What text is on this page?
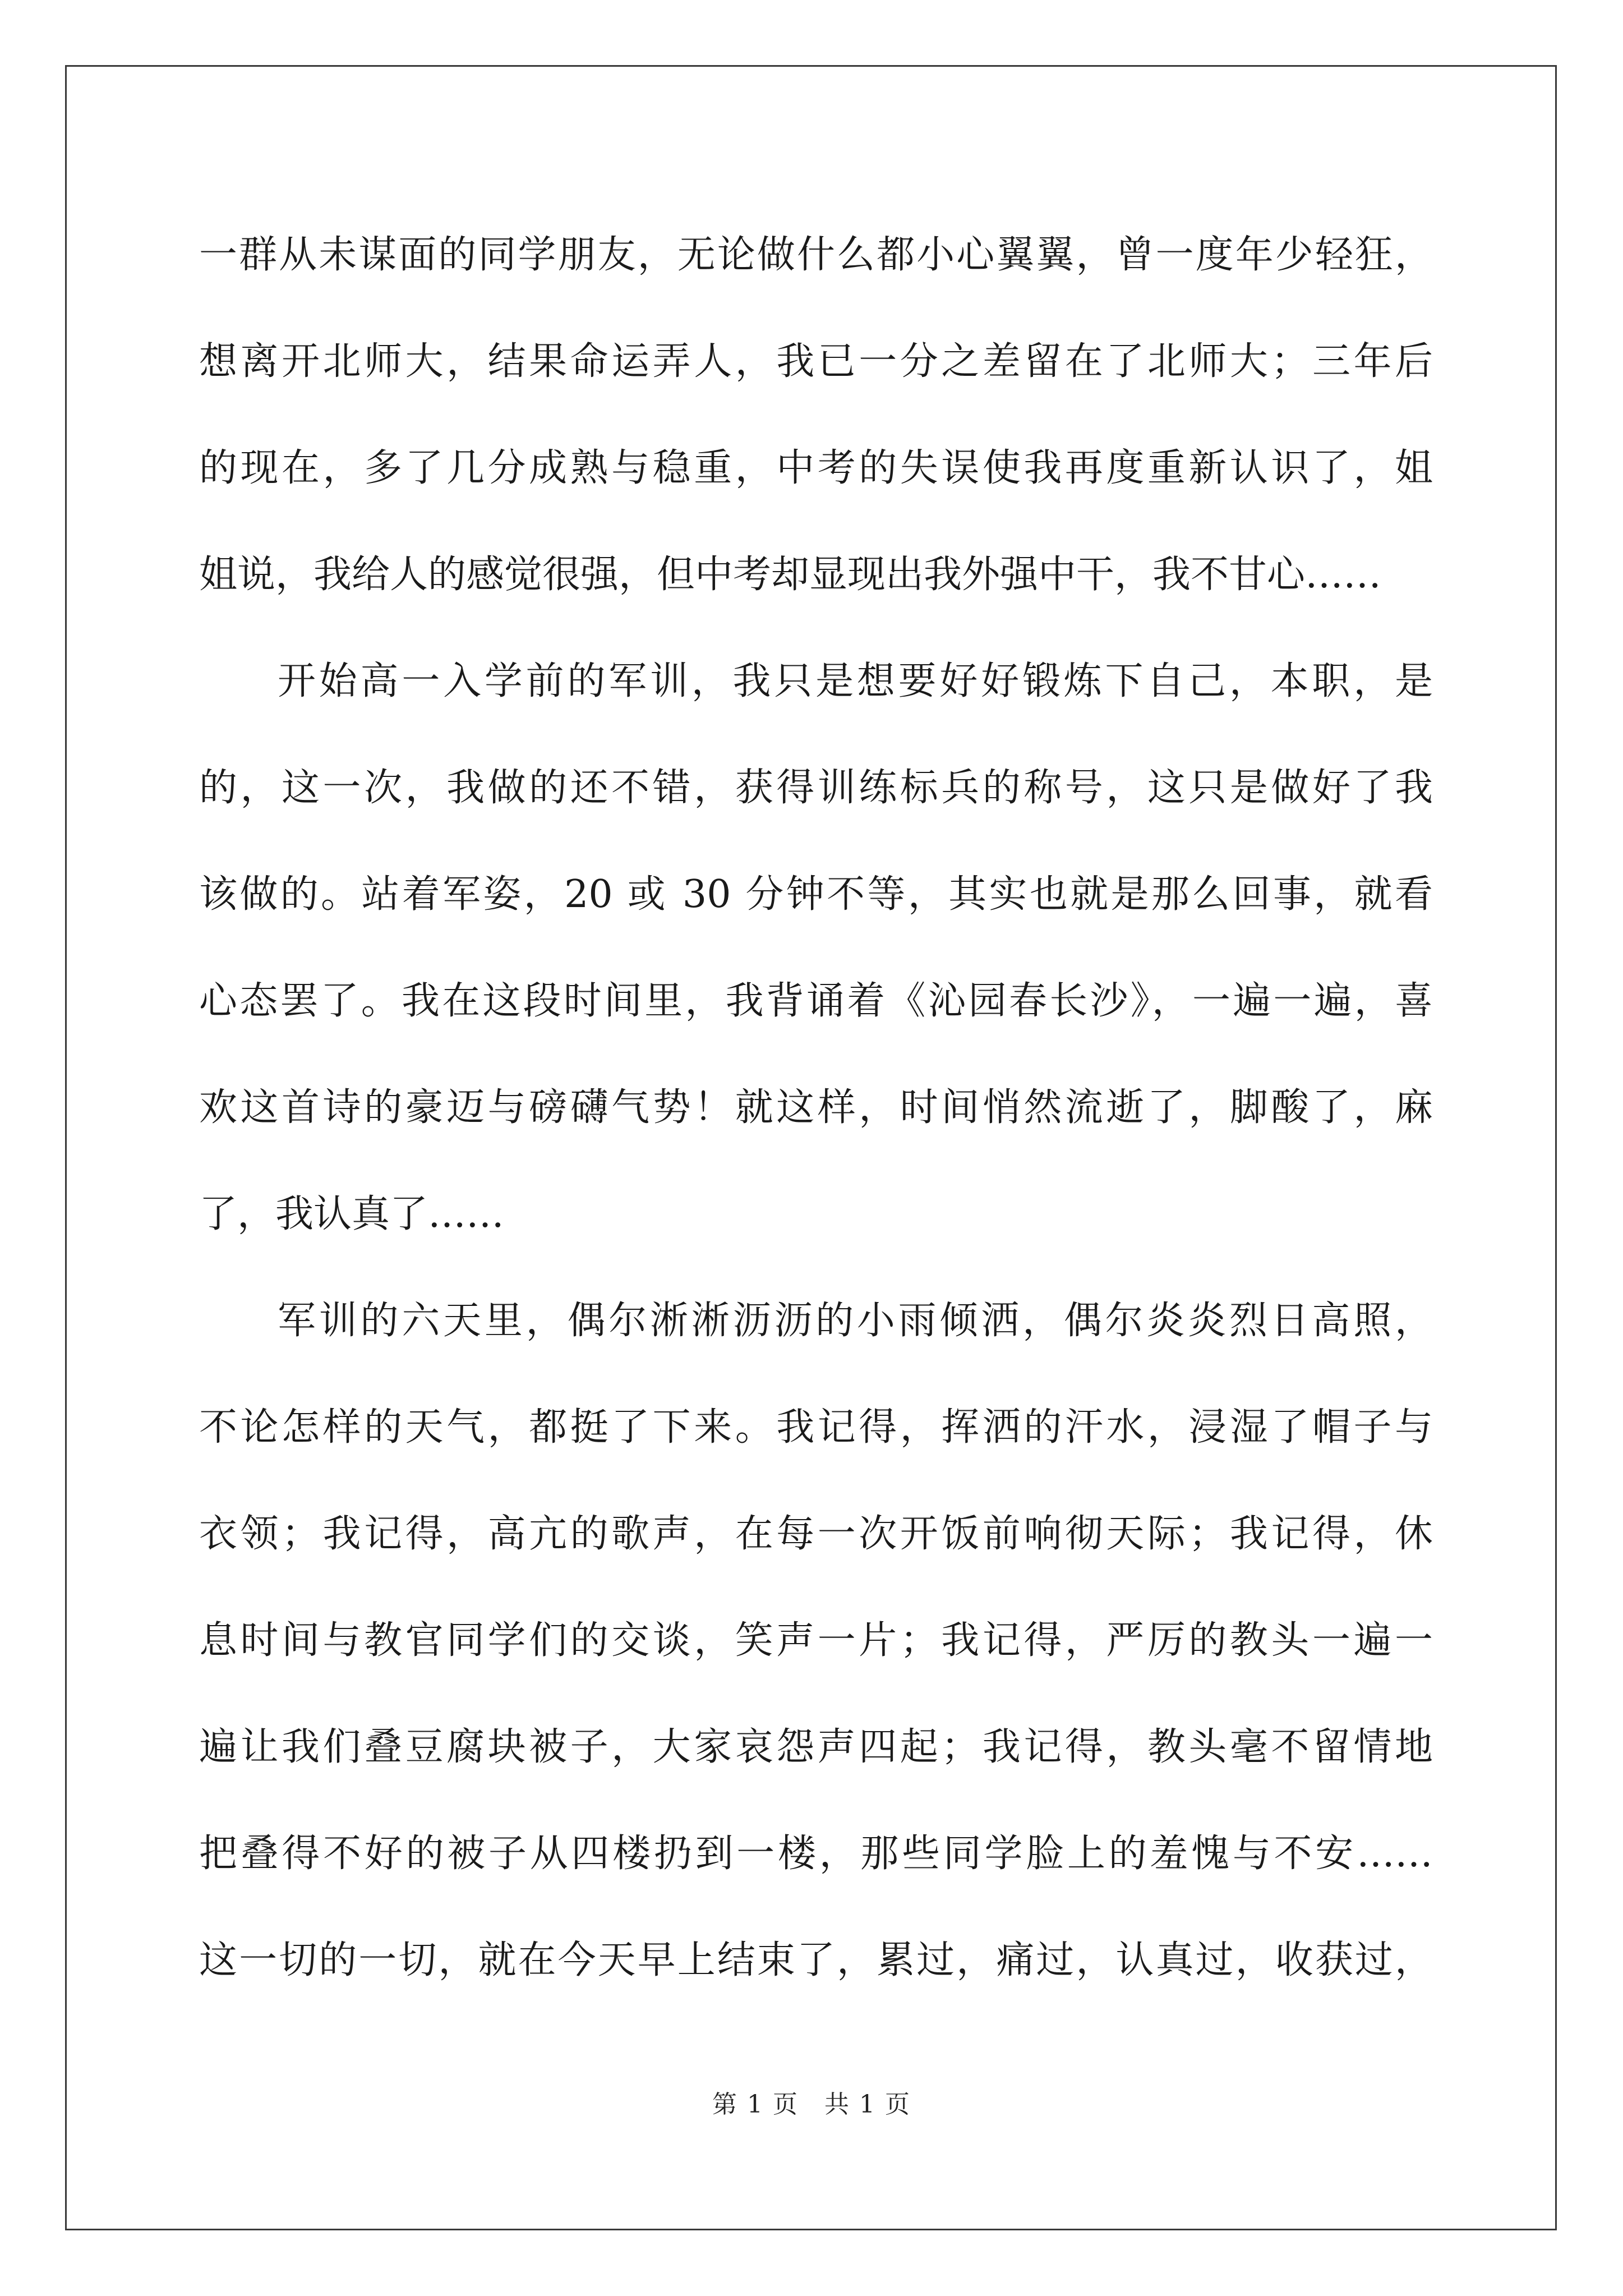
一群从未谋面的同学朋友，无论做什么都小心翼翼，曾一度年少轻狂，
想离开北师大，结果命运弄人，我已一分之差留在了北师大；三年后
的现在，多了几分成熟与稳重，中考的失误使我再度重新认识了，姐
姐说，我给人的感觉很强，但中考却显现出我外强中干，我不甘心……
开始高一入学前的军训，我只是想要好好锻炼下自己，本职，是
的，这一次，我做的还不错，获得训练标兵的称号，这只是做好了我
该做的。站着军姿，20 或 30 分钟不等，其实也就是那么回事，就看
心态罢了。我在这段时间里，我背诵着《沁园春长沙》，一遍一遍，喜
欢这首诗的豪迈与磅礴气势！就这样，时间悄然流逝了，脚酸了，麻
了，我认真了……
军训的六天里，偶尔淅淅沥沥的小雨倾洒，偶尔炎炎烈日高照，
不论怎样的天气，都挺了下来。我记得，挥洒的汗水，浸湿了帽子与
衣领；我记得，高亢的歌声，在每一次开饭前响彻天际；我记得，休
息时间与教官同学们的交谈，笑声一片；我记得，严厉的教头一遍一
遍让我们叠豆腐块被子，大家哀怨声四起；我记得，教头毫不留情地
把叠得不好的被子从四楼扔到一楼，那些同学脸上的羞愧与不安……
这一切的一切，就在今天早上结束了，累过，痛过，认真过，收获过，
第 1 页　共 1 页
